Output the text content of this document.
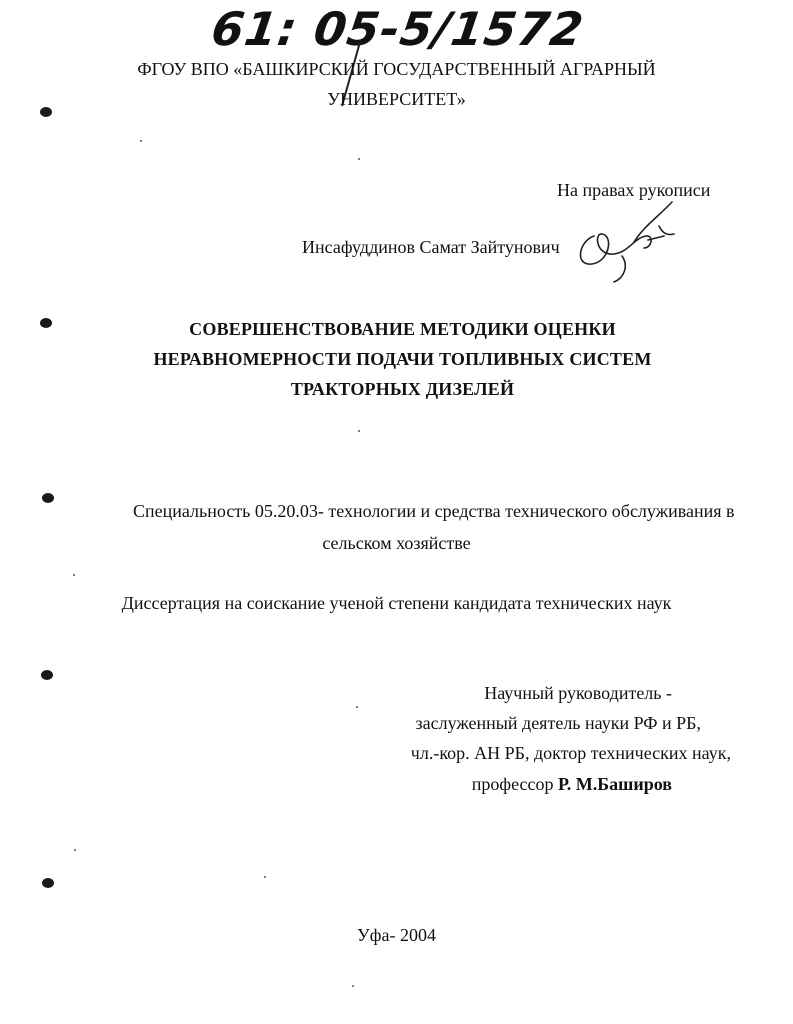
61: 05-5/1572
ФГОУ ВПО «БАШКИРСКИЙ ГОСУДАРСТВЕННЫЙ АГРАРНЫЙ
УНИВЕРСИТЕТ»
На правах рукописи
Инсафуддинов Самат Зайтунович
СОВЕРШЕНСТВОВАНИЕ МЕТОДИКИ ОЦЕНКИ
НЕРАВНОМЕРНОСТИ ПОДАЧИ ТОПЛИВНЫХ СИСТЕМ
ТРАКТОРНЫХ ДИЗЕЛЕЙ
Специальность 05.20.03- технологии и средства технического обслуживания в
сельском хозяйстве
Диссертация на соискание ученой степени кандидата технических наук
Научный руководитель -
заслуженный деятель науки РФ и РБ,
чл.-кор. АН РБ, доктор технических наук,
профессор Р. М.Баширов
Уфа- 2004
